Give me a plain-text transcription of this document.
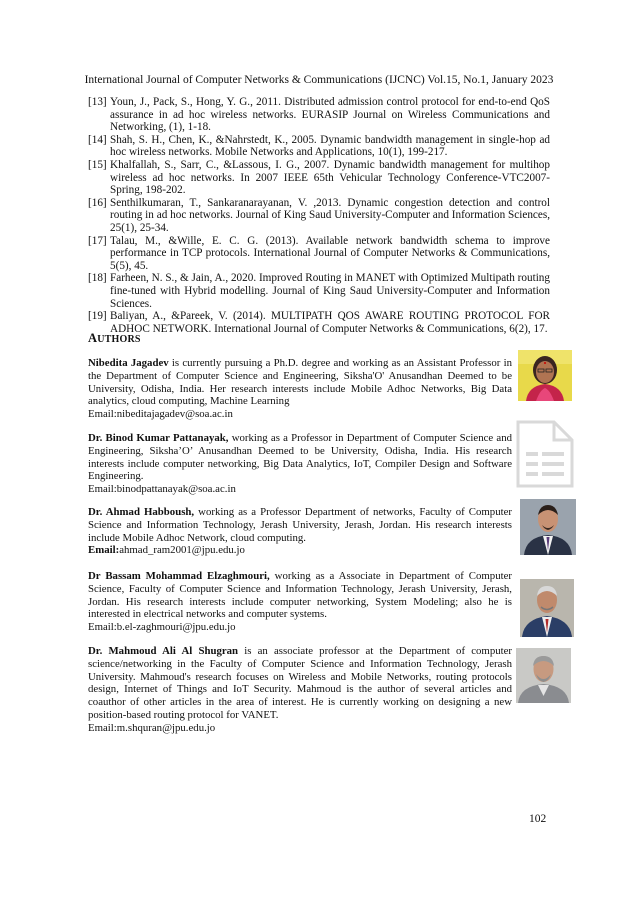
International Journal of Computer Networks & Communications (IJCNC) Vol.15, No.1, January 2023
[13] Youn, J., Pack, S., Hong, Y. G., 2011. Distributed admission control protocol for end-to-end QoS assurance in ad hoc wireless networks. EURASIP Journal on Wireless Communications and Networking, (1), 1-18.
[14] Shah, S. H., Chen, K., &Nahrstedt, K., 2005. Dynamic bandwidth management in single-hop ad hoc wireless networks. Mobile Networks and Applications, 10(1), 199-217.
[15] Khalfallah, S., Sarr, C., &Lassous, I. G., 2007. Dynamic bandwidth management for multihop wireless ad hoc networks. In 2007 IEEE 65th Vehicular Technology Conference-VTC2007-Spring, 198-202.
[16] Senthilkumaran, T., Sankaranarayanan, V. ,2013. Dynamic congestion detection and control routing in ad hoc networks. Journal of King Saud University-Computer and Information Sciences, 25(1), 25-34.
[17] Talau, M., &Wille, E. C. G. (2013). Available network bandwidth schema to improve performance in TCP protocols. International Journal of Computer Networks & Communications, 5(5), 45.
[18] Farheen, N. S., & Jain, A., 2020. Improved Routing in MANET with Optimized Multipath routing fine-tuned with Hybrid modelling. Journal of King Saud University-Computer and Information Sciences.
[19] Baliyan, A., &Pareek, V. (2014). MULTIPATH QOS AWARE ROUTING PROTOCOL FOR ADHOC NETWORK. International Journal of Computer Networks & Communications, 6(2), 17.
AUTHORS

Nibedita Jagadev is currently pursuing a Ph.D. degree and working as an Assistant Professor in the Department of Computer Science and Engineering, Siksha'O' Anusandhan Deemed to be University, Odisha, India. Her research interests include Mobile Adhoc Networks, Big Data analytics, cloud computing, Machine Learning

Email:nibeditajagadev@soa.ac.in

Dr. Binod Kumar Pattanayak, working as a Professor in Department of Computer Science and Engineering, Siksha’O’ Anusandhan Deemed to be University, Odisha, India. His research interests include computer networking, Big Data Analytics, IoT, Compiler Design and Software Engineering.

Email:binodpattanayak@soa.ac.in

Dr. Ahmad Habboush, working as a Professor Department of networks, Faculty of Computer Science and Information Technology, Jerash University, Jerash, Jordan. His research interests include Mobile Adhoc Network, cloud computing.

Email:ahmad_ram2001@jpu.edu.jo

Dr Bassam Mohammad Elzaghmouri, working as a Associate in Department of Computer Science, Faculty of Computer Science and Information Technology, Jerash University, Jerash, Jordan. His research interests include computer networking, System Modeling; also he is interested in electrical networks and computer systems.

Email:b.el-zaghmouri@jpu.edu.jo

Dr. Mahmoud Ali Al Shugran is an associate professor at the Department of computer science/networking in the Faculty of Computer Science and Information Technology, Jerash University. Mahmoud's research focuses on Wireless and Mobile Networks, routing protocols design, Internet of Things and IoT Security. Mahmoud is the author of several articles and coauthor of other articles in the area of interest. He is currently working on designing a new position-based routing protocol for VANET.

Email:m.shquran@jpu.edu.jo

102
